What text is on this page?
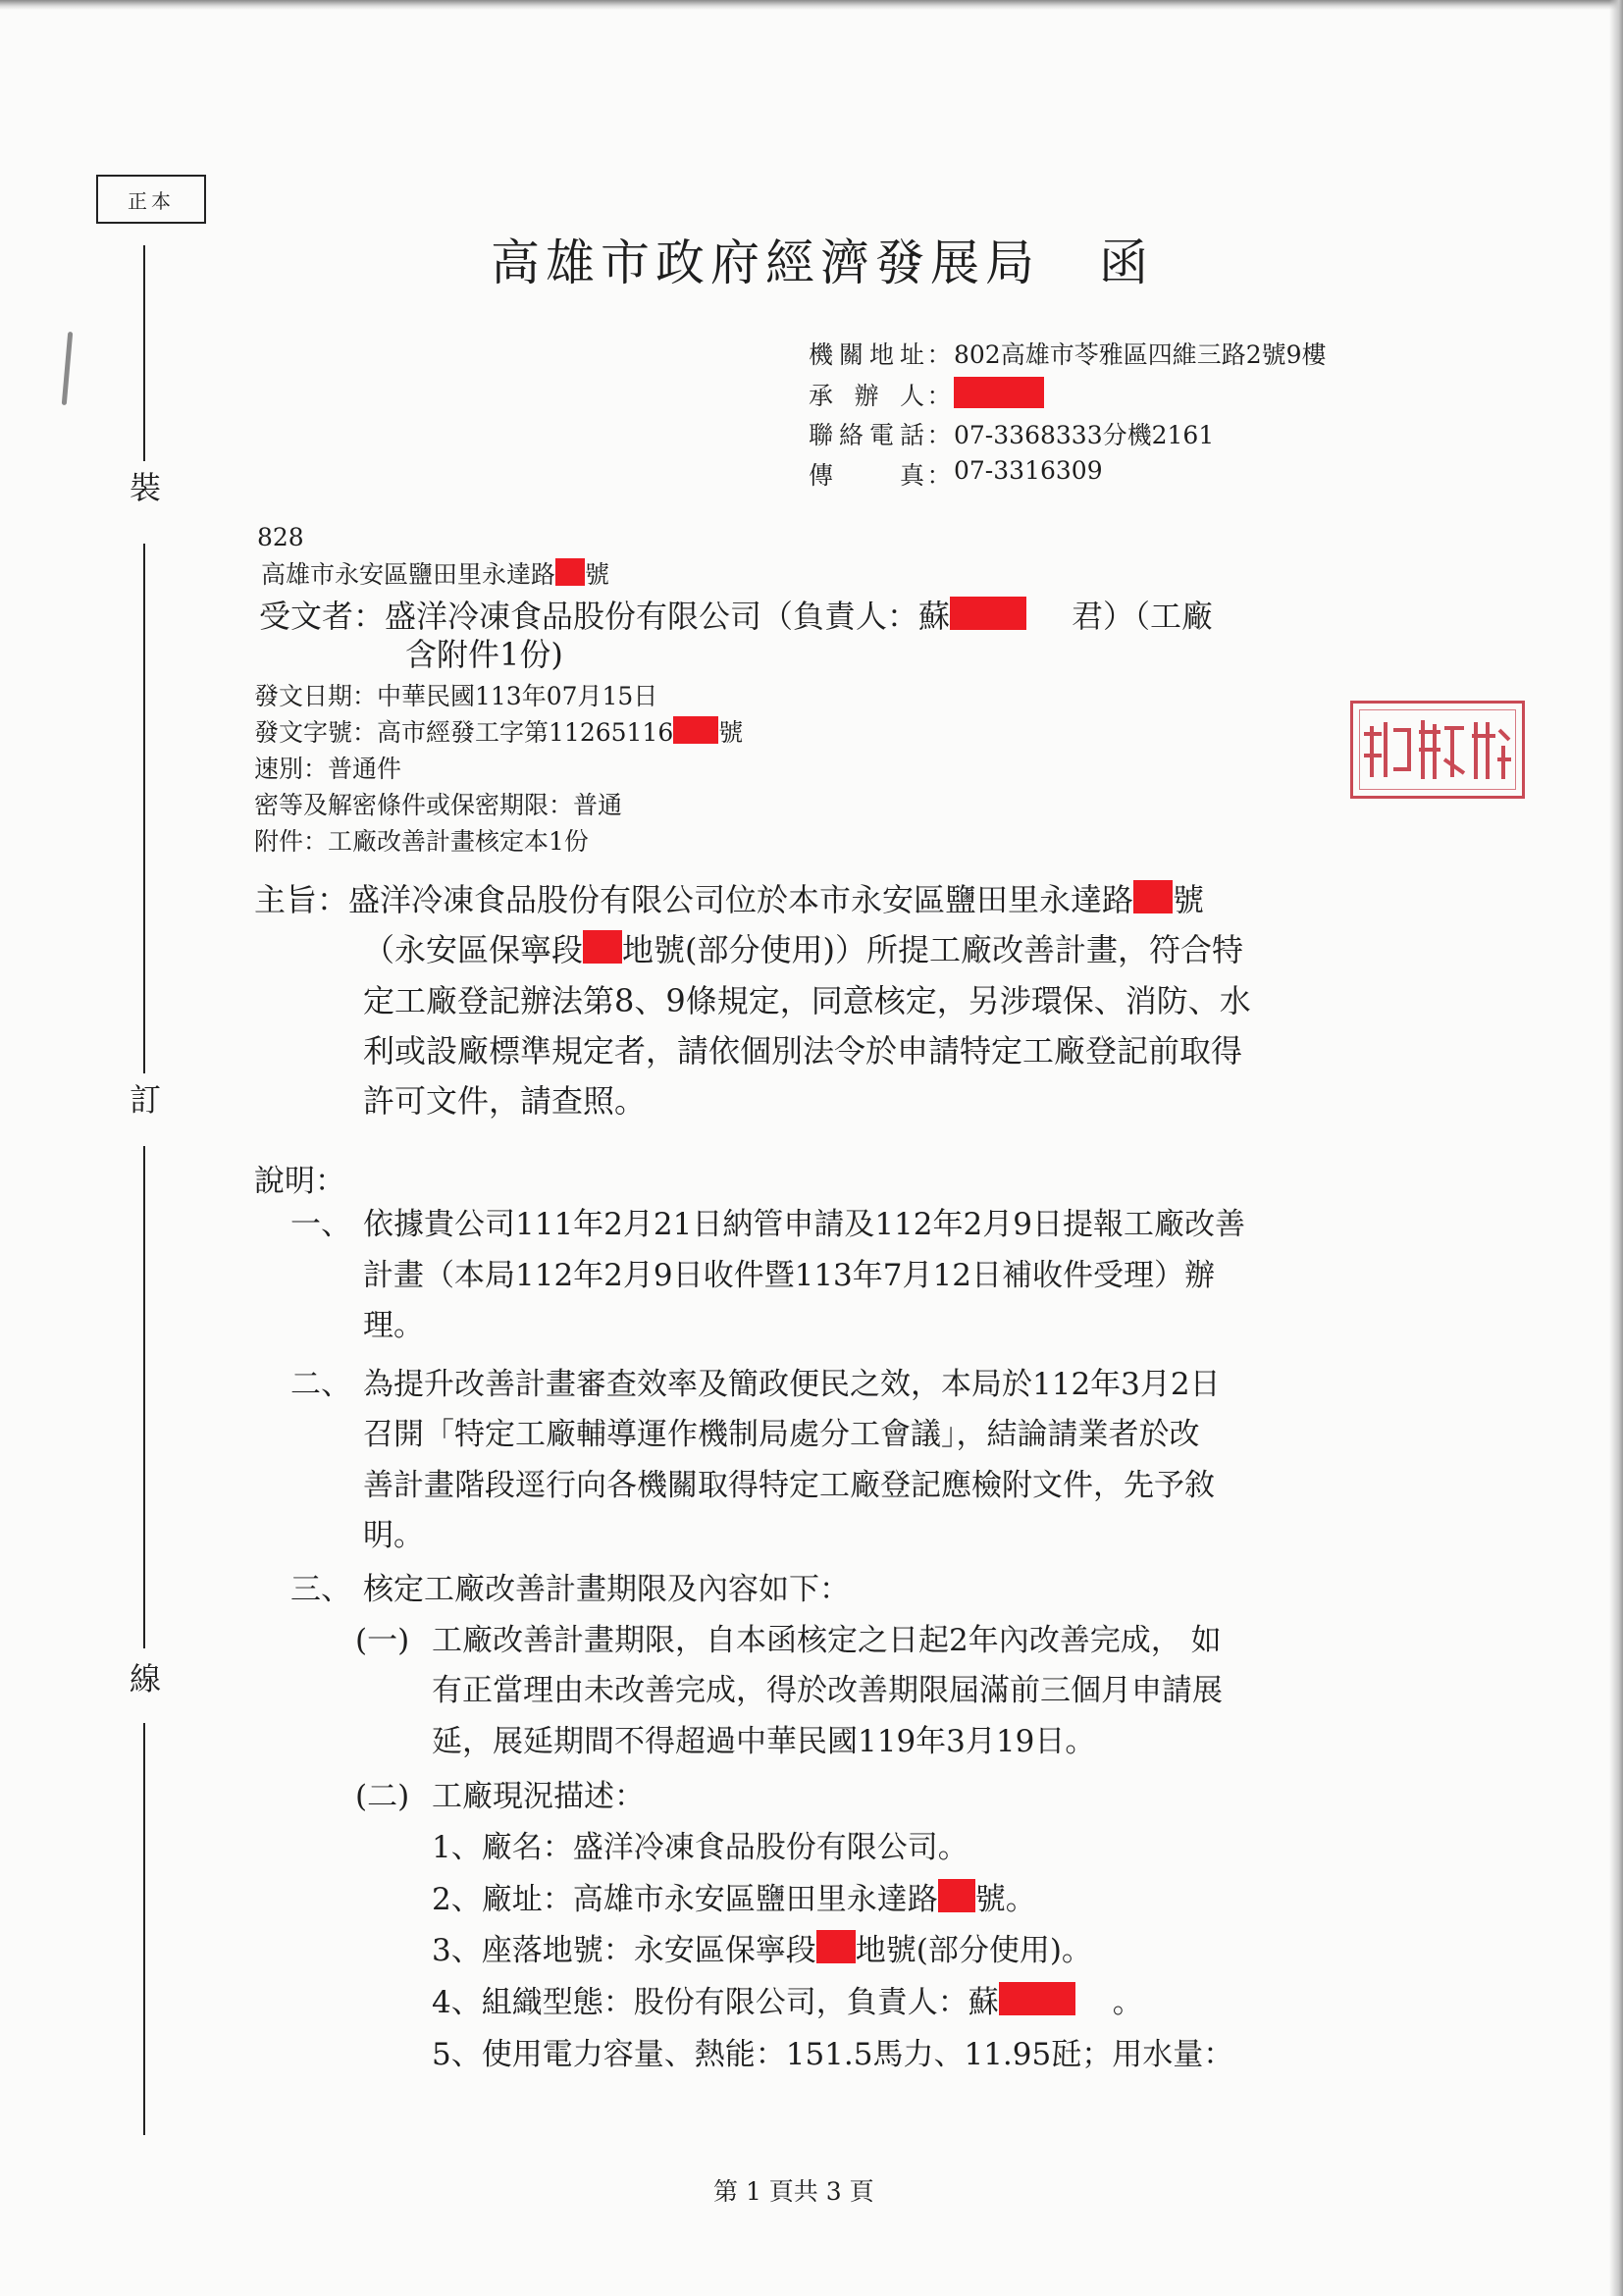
正本
裝
訂
線
高雄市政府經濟發展局 函
機 關 地 址 ： 802高雄市苓雅區四維三路2號9樓
承 辦 人 ：
聯 絡 電 話 ： 07-3368333分機2161
傳	真 ： 07-3316309
828
高雄市永安區鹽田里永達路 號
受文者：盛洋冷凍食品股份有限公司（負責人：蘇	君）（工廠
含附件1份)
發文日期：中華民國113年07月15日
發文字號：高市經發工字第11265116 號
速別：普通件
密等及解密條件或保密期限：普通
附件：工廠改善計畫核定本1份
主旨：盛洋冷凍食品股份有限公司位於本市永安區鹽田里永達路 號
（永安區保寧段 地號(部分使用)）所提工廠改善計畫，符合特
定工廠登記辦法第8、9條規定，同意核定，另涉環保、消防、水
利或設廠標準規定者，請依個別法令於申請特定工廠登記前取得
許可文件，請查照。
說明：
一、 依據貴公司111年2月21日納管申請及112年2月9日提報工廠改善
計畫（本局112年2月9日收件暨113年7月12日補收件受理）辦
理。
二、 為提升改善計畫審查效率及簡政便民之效，本局於112年3月2日
召開「特定工廠輔導運作機制局處分工會議」，結論請業者於改
善計畫階段逕行向各機關取得特定工廠登記應檢附文件，先予敘
明。
三、 核定工廠改善計畫期限及內容如下：
(一) 工廠改善計畫期限，自本函核定之日起2年內改善完成， 如
有正當理由未改善完成，得於改善期限屆滿前三個月申請展
延，展延期間不得超過中華民國119年3月19日。
(二) 工廠現況描述：
1、廠名：盛洋冷凍食品股份有限公司。
2、廠址：高雄市永安區鹽田里永達路 號。
3、座落地號：永安區保寧段 地號(部分使用)。
4、組織型態：股份有限公司，負責人：蘇	。
5、使用電力容量、熱能：151.5馬力、11.95瓩；用水量：
第 1 頁共 3 頁
